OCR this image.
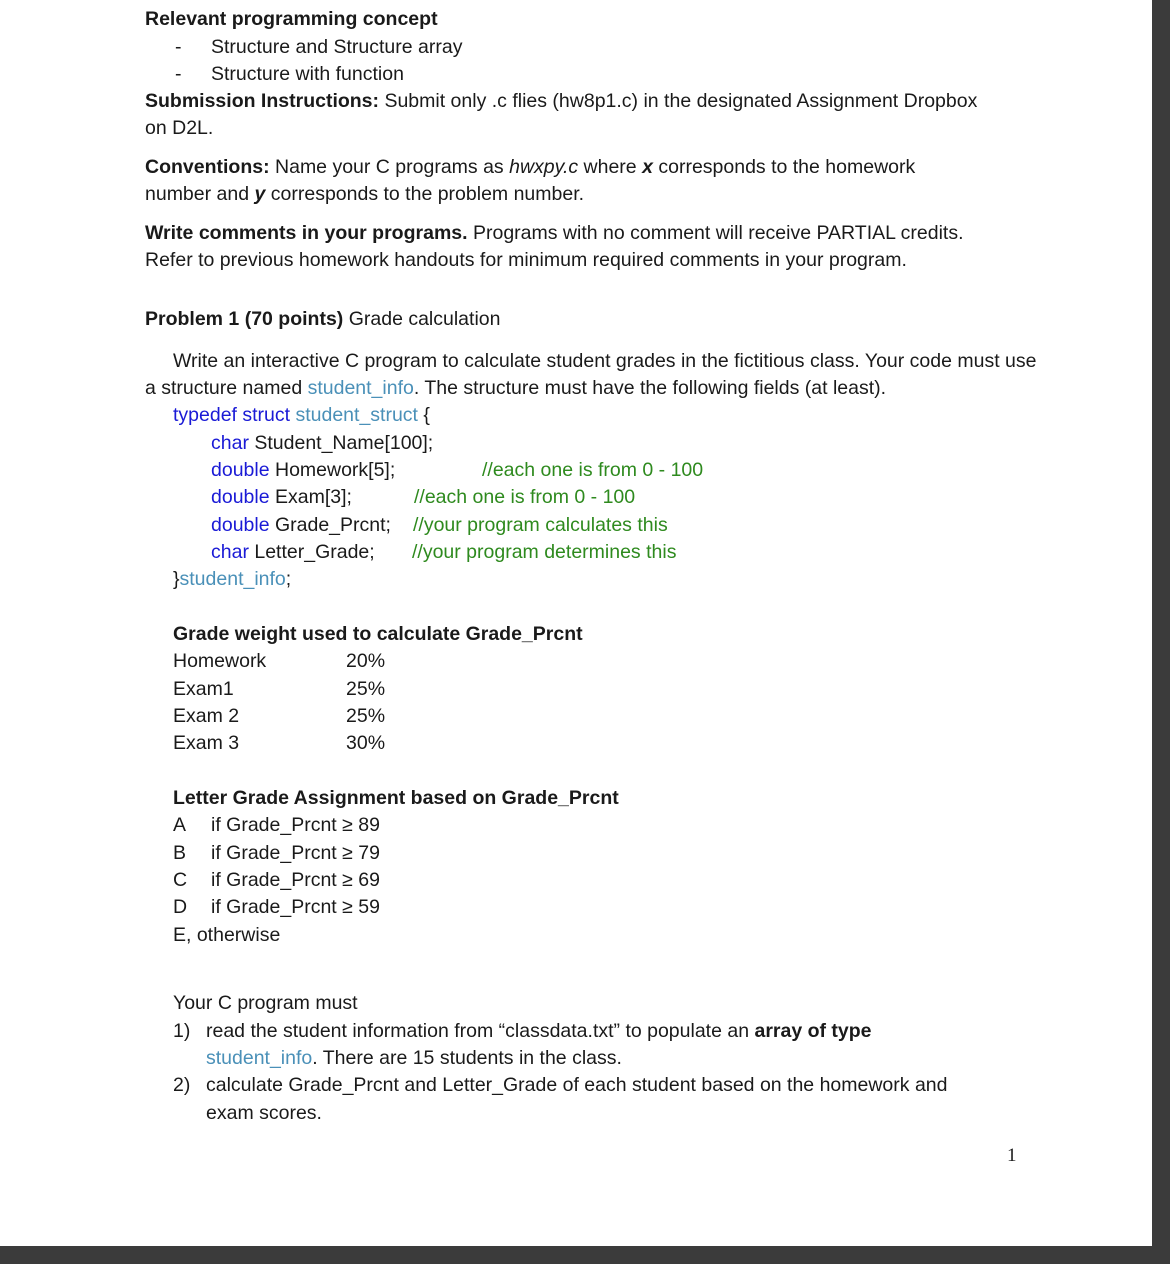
Relevant programming concept
- Structure and Structure array
- Structure with function
Submission Instructions: Submit only .c flies (hw8p1.c) in the designated Assignment Dropbox
on D2L.
Conventions: Name your C programs as hwxpy.c where x corresponds to the homework
number and y corresponds to the problem number.
Write comments in your programs. Programs with no comment will receive PARTIAL credits.
Refer to previous homework handouts for minimum required comments in your program.
Problem 1 (70 points) Grade calculation
Write an interactive C program to calculate student grades in the fictitious class. Your code must use
a structure named student_info. The structure must have the following fields (at least).
typedef struct student_struct {
char Student_Name[100];
double Homework[5];	//each one is from 0 - 100
double Exam[3];	//each one is from 0 - 100
double Grade_Prcnt; //your program calculates this
char Letter_Grade; //your program determines this
}student_info;
Grade weight used to calculate Grade_Prcnt
Homework	20%
Exam1	25%
Exam 2	25%
Exam 3	30%
Letter Grade Assignment based on Grade_Prcnt
A if Grade_Prcnt ≥ 89
B if Grade_Prcnt ≥ 79
C if Grade_Prcnt ≥ 69
D if Grade_Prcnt ≥ 59
E, otherwise
Your C program must
1) read the student information from “classdata.txt” to populate an array of type
student_info. There are 15 students in the class.
2) calculate Grade_Prcnt and Letter_Grade of each student based on the homework and
exam scores.
1
